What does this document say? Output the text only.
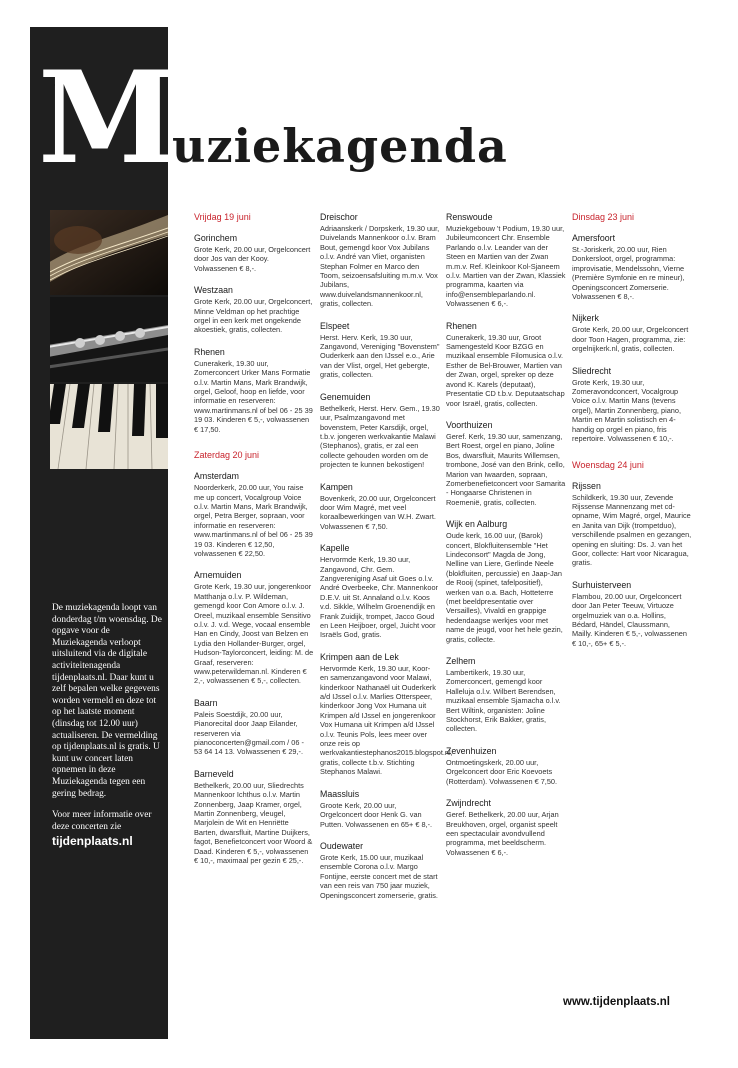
M
uziekagenda

De muziekagenda loopt van donderdag t/m woensdag. De opgave voor de Muziekagenda verloopt uitsluitend via de digitale activiteitenagenda tijdenplaats.nl. Daar kunt u zelf bepalen welke gegevens worden vermeld en deze tot op het laatste moment (dinsdag tot 12.00 uur) actualiseren. De vermelding op tijdenplaats.nl is gratis. U kunt uw concert laten opnemen in deze Muziekagenda tegen een gering bedrag.

Voor meer informatie over deze concerten zie

tijdenplaats.nl
Vrijdag 19 juni
Gorinchem
Grote Kerk, 20.00 uur, Orgelconcert door Jos van der Kooy. Volwassenen € 8,-.
Westzaan
Grote Kerk, 20.00 uur, Orgelconcert, Minne Veldman op het prachtige orgel in een kerk met ongekende akoestiek, gratis, collecten.
Rhenen
Cunerakerk, 19.30 uur, Zomerconcert Urker Mans Formatie o.l.v. Martin Mans, Mark Brandwijk, orgel, Geloof, hoop en liefde, voor informatie en reserveren: www.martinmans.nl of bel 06 - 25 39 19 03. Kinderen € 5,-, volwassenen € 17,50.
Zaterdag 20 juni
Amsterdam
Noorderkerk, 20.00 uur, You raise me up concert, Vocalgroup Voice o.l.v. Martin Mans, Mark Brandwijk, orgel, Petra Berger, sopraan, voor informatie en reserveren: www.martinmans.nl of bel 06 - 25 39 19 03. Kinderen € 12,50, volwassenen € 22,50.
Arnemuiden
Grote Kerk, 19.30 uur, jongerenkoor Matthanja o.l.v. P. Wildeman, gemengd koor Con Amore o.l.v. J. Oreel, muzikaal ensemble Sensitivo o.l.v. J. v.d. Wege, vocaal ensemble Han en Cindy, Joost van Belzen en Lydia den Hollander-Burger, orgel, Hudson-Taylorconcert, leiding: M. de Graaf, reserveren: www.peterwildeman.nl. Kinderen € 2,-, volwassenen € 5,-, collecten.
Baarn
Paleis Soestdijk, 20.00 uur, Pianorecital door Jaap Eilander, reserveren via pianoconcerten@gmail.com / 06 - 53 64 14 13. Volwassenen € 29,-.
Barneveld
Bethelkerk, 20.00 uur, Sliedrechts Mannenkoor Ichthus o.l.v. Martin Zonnenberg, Jaap Kramer, orgel, Martin Zonnenberg, vleugel, Marjolein de Wit en Henriëtte Barten, dwarsfluit, Martine Duijkers, fagot, Benefietconcert voor Woord & Daad. Kinderen € 5,-, volwassenen € 10,-, maximaal per gezin € 25,-.
Dreischor
Adriaanskerk / Dorpskerk, 19.30 uur, Duivelands Mannenkoor o.l.v. Bram Bout, gemengd koor Vox Jubilans o.l.v. André van Vliet, organisten Stephan Folmer en Marco den Toom, seizoensafsluiting m.m.v. Vox Jubilans, www.duivelandsmannenkoor.nl, gratis, collecten.
Elspeet
Herst. Herv. Kerk, 19.30 uur, Zangavond, Vereniging "Bovenstem" Ouderkerk aan den IJssel e.o., Arie van der Vlist, orgel, Het gebergte, gratis, collecten.
Genemuiden
Bethelkerk, Herst. Herv. Gem., 19.30 uur, Psalmzangavond met bovenstem, Peter Karsdijk, orgel, t.b.v. jongeren werkvakantie Malawi (Stephanos), gratis, er zal een collecte gehouden worden om de projecten te kunnen bekostigen!
Kampen
Bovenkerk, 20.00 uur, Orgelconcert door Wim Magré, met veel koraalbewerkingen van W.H. Zwart. Volwassenen € 7,50.
Kapelle
Hervormde Kerk, 19.30 uur, Zangavond, Chr. Gem. Zangvereniging Asaf uit Goes o.l.v. André Overbeeke, Chr. Mannenkoor D.E.V. uit St. Annaland o.l.v. Koos v.d. Sikkle, Wilhelm Groenendijk en Frank Zuidijk, trompet, Jacco Goud en Leen Heijboer, orgel, Juicht voor Israëls God, gratis.
Krimpen aan de Lek
Hervormde Kerk, 19.30 uur, Koor- en samenzangavond voor Malawi, kinderkoor Nathanaël uit Ouderkerk a/d IJssel o.l.v. Marlies Otterspeer, kinderkoor Jong Vox Humana uit Krimpen a/d IJssel en jongerenkoor Vox Humana uit Krimpen a/d IJssel o.l.v. Teunis Pols, lees meer over onze reis op werkvakantiestephanos2015.blogspot.nl, gratis, collecte t.b.v. Stichting Stephanos Malawi.
Maassluis
Groote Kerk, 20.00 uur, Orgelconcert door Henk G. van Putten. Volwassenen en 65+ € 8,-.
Oudewater
Grote Kerk, 15.00 uur, muzikaal ensemble Corona o.l.v. Margo Fontijne, eerste concert met de start van een reis van 750 jaar muziek, Openingsconcert zomerserie, gratis.
Renswoude
Muziekgebouw 't Podium, 19.30 uur, Jubileumconcert Chr. Ensemble Parlando o.l.v. Leander van der Steen en Martien van der Zwan m.m.v. Ref. Kleinkoor Kol-Sjaneem o.l.v. Martien van der Zwan, Klassiek programma, kaarten via info@ensembleparlando.nl. Volwassenen € 6,-.
Rhenen
Cunerakerk, 19.30 uur, Groot Samengesteld Koor BZGG en muzikaal ensemble Filomusica o.l.v. Esther de Bel-Brouwer, Martien van der Zwan, orgel, spreker op deze avond K. Karels (deputaat), Presentatie CD t.b.v. Deputaatschap voor Israël, gratis, collecten.
Voorthuizen
Geref. Kerk, 19.30 uur, samenzang, Bert Roest, orgel en piano, Joline Bos, dwarsfluit, Maurits Willemsen, trombone, José van den Brink, cello, Marion van Iwaarden, sopraan, Zomerbenefietconcert voor Samarita - Hongaarse Christenen in Roemenië, gratis, collecten.
Wijk en Aalburg
Oude kerk, 16.00 uur, (Barok) concert, Blokfluitensemble "Het Lindeconsort" Magda de Jong, Nelline van Liere, Gerlinde Neele (blokfluiten, percussie) en Jaap-Jan de Rooij (spinet, tafelpositief), werken van o.a. Bach, Hotteterre (met beeldpresentatie over Versailles), Vivaldi en grappige hedendaagse werkjes voor met name de jeugd, voor het hele gezin, gratis, collecte.
Zelhem
Lambertikerk, 19.30 uur, Zomerconcert, gemengd koor Halleluja o.l.v. Wilbert Berendsen, muzikaal ensemble Sjamacha o.l.v. Bert Wiltink, organisten: Joline Stockhorst, Erik Bakker, gratis, collecten.
Zevenhuizen
Ontmoetingskerk, 20.00 uur, Orgelconcert door Eric Koevoets (Rotterdam). Volwassenen € 7,50.
Zwijndrecht
Geref. Bethelkerk, 20.00 uur, Arjan Breukhoven, orgel, organist speelt een spectaculair avondvullend programma, met beeldscherm. Volwassenen € 6,-.
Dinsdag 23 juni
Amersfoort
St.-Joriskerk, 20.00 uur, Rien Donkersloot, orgel, programma: improvisatie, Mendelssohn, Vierne (Première Symfonie en re mineur), Openingsconcert Zomerserie. Volwassenen € 8,-.
Nijkerk
Grote Kerk, 20.00 uur, Orgelconcert door Toon Hagen, programma, zie: orgelnijkerk.nl, gratis, collecten.
Sliedrecht
Grote Kerk, 19.30 uur, Zomeravondconcert, Vocalgroup Voice o.l.v. Martin Mans (tevens orgel), Martin Zonnenberg, piano, Martin en Martin solistisch en 4-handig op orgel en piano, fris repertoire. Volwassenen € 10,-.
Woensdag 24 juni
Rijssen
Schildkerk, 19.30 uur, Zevende Rijssense Mannenzang met cd-opname, Wim Magré, orgel, Maurice en Janita van Dijk (trompetduo), verschillende psalmen en gezangen, opening en sluiting: Ds. J. van het Goor, collecte: Hart voor Nicaragua, gratis.
Surhuisterveen
Flambou, 20.00 uur, Orgelconcert door Jan Peter Teeuw, Virtuoze orgelmuziek van o.a. Hollins, Bédard, Händel, Claussmann, Mailly. Kinderen € 5,-, volwassenen € 10,-, 65+ € 5,-.
www.tijdenplaats.nl
